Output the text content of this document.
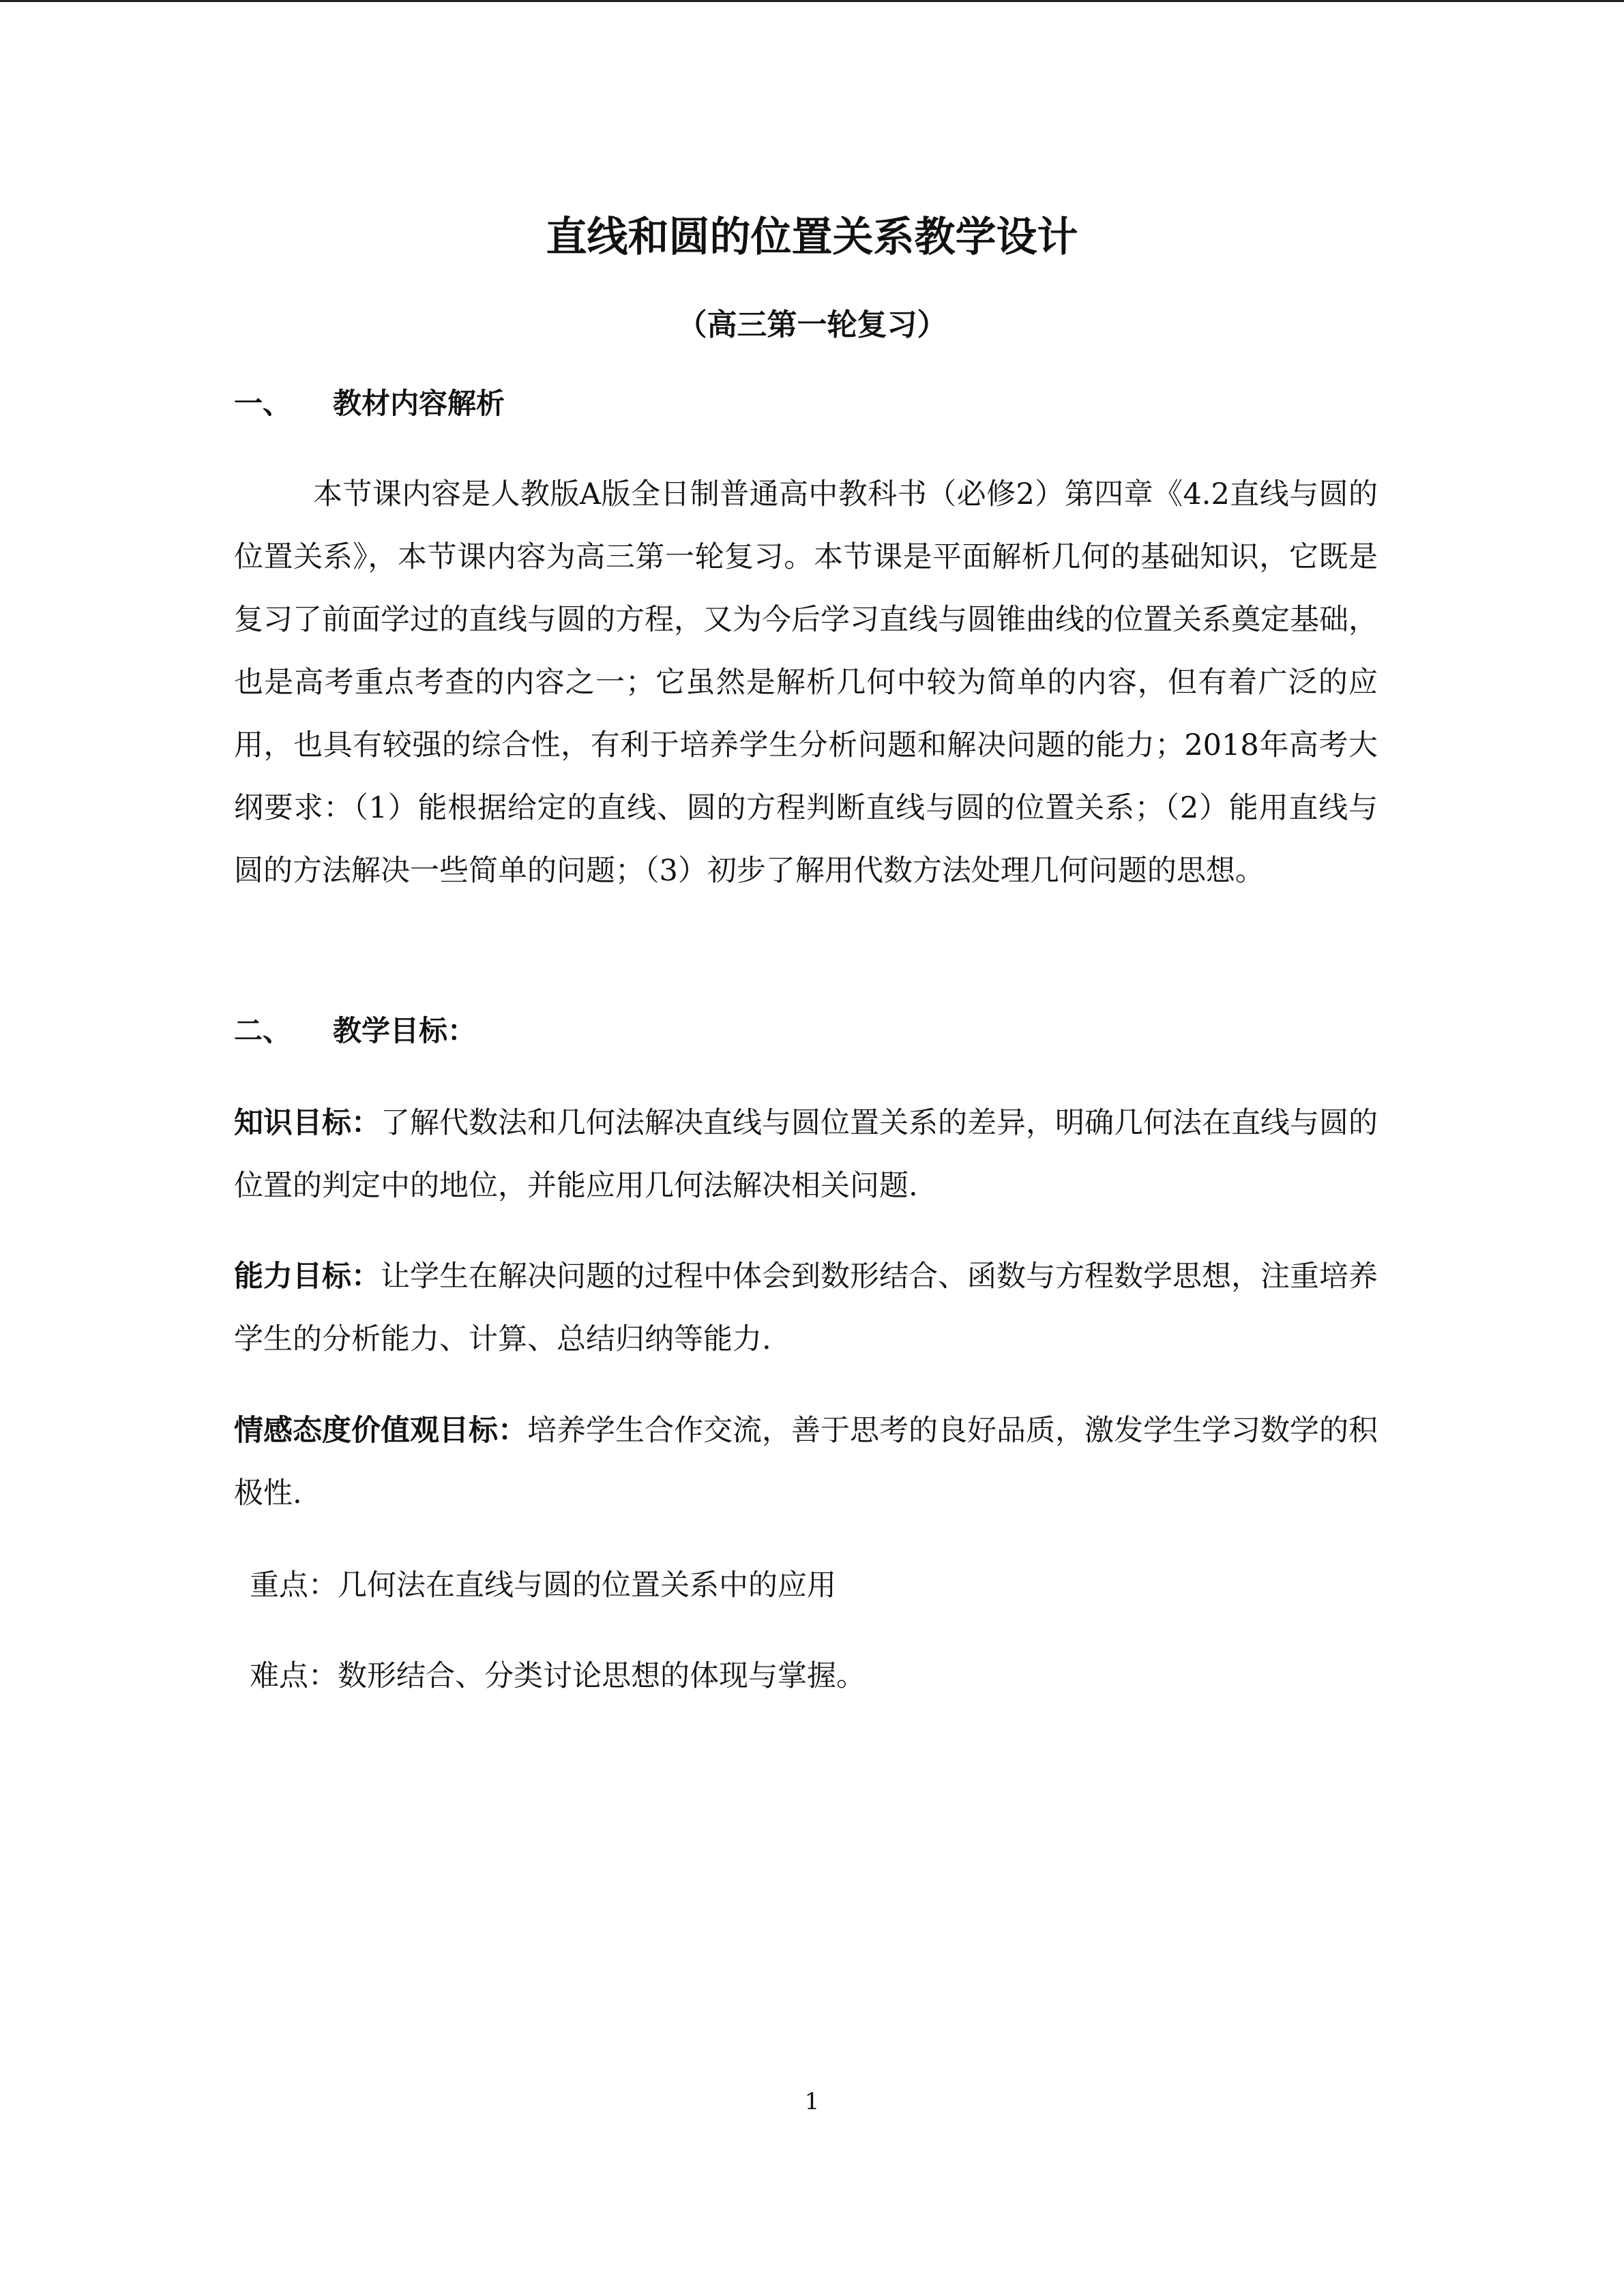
直线和圆的位置关系教学设计
（高三第一轮复习）
一、 教材内容解析

本节课内容是人教版A版全日制普通高中教科书（必修2）第四章《4.2直线与圆的位置关系》，本节课内容为高三第一轮复习。本节课是平面解析几何的基础知识，它既是复习了前面学过的直线与圆的方程，又为今后学习直线与圆锥曲线的位置关系奠定基础，也是高考重点考查的内容之一；它虽然是解析几何中较为简单的内容，但有着广泛的应用，也具有较强的综合性，有利于培养学生分析问题和解决问题的能力；2018年高考大纲要求：（1）能根据给定的直线、圆的方程判断直线与圆的位置关系；（2）能用直线与圆的方法解决一些简单的问题；（3）初步了解用代数方法处理几何问题的思想。

二、 教学目标：

知识目标：了解代数法和几何法解决直线与圆位置关系的差异，明确几何法在直线与圆的位置的判定中的地位，并能应用几何法解决相关问题.

能力目标：让学生在解决问题的过程中体会到数形结合、函数与方程数学思想，注重培养学生的分析能力、计算、总结归纳等能力.

情感态度价值观目标：培养学生合作交流，善于思考的良好品质，激发学生学习数学的积极性.

重点：几何法在直线与圆的位置关系中的应用
难点：数形结合、分类讨论思想的体现与掌握。
1
